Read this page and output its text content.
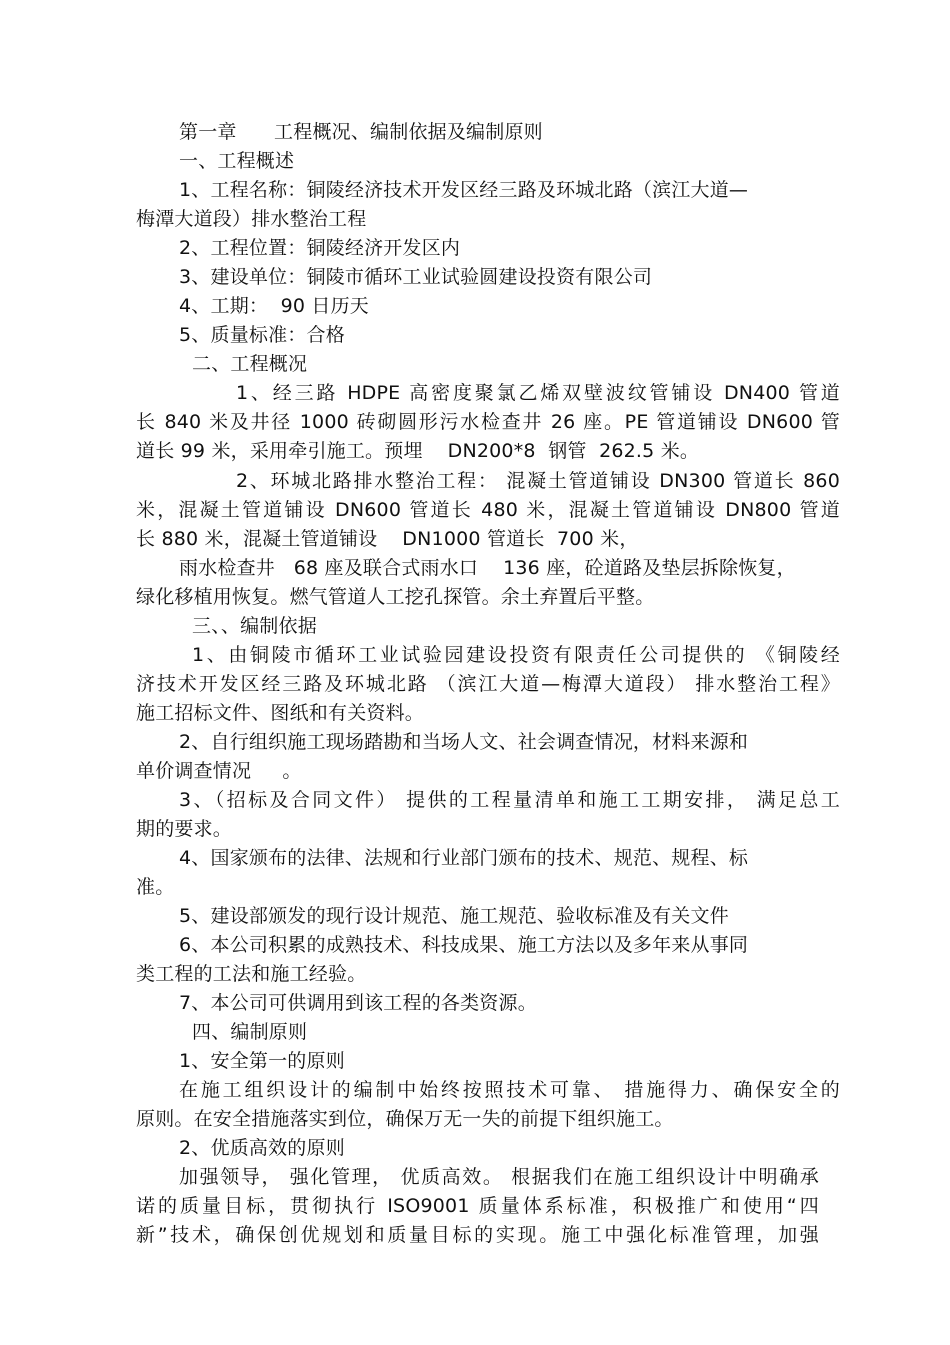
第一章      工程概况、编制依据及编制原则

一、工程概述

1、工程名称：铜陵经济技术开发区经三路及环城北路（滨江大道—

梅潭大道段）排水整治工程

2、工程位置：铜陵经济开发区内

3、建设单位：铜陵市循环工业试验圆建设投资有限公司

4、工期：  90 日历天

5、质量标准：合格

二、工程概况

1、经三路 HDPE 高密度聚氯乙烯双壁波纹管铺设 DN400 管道

长 840 米及井径 1000 砖砌圆形污水检查井 26 座。PE 管道铺设 DN600 管

道长 99 米，采用牵引施工。预埋    DN200*8  钢管  262.5 米。

2、环城北路排水整治工程： 混凝土管道铺设 DN300 管道长 860

米，混凝土管道铺设 DN600 管道长 480 米，混凝土管道铺设 DN800 管道

长 880 米，混凝土管道铺设    DN1000 管道长  700 米，

雨水检查井   68 座及联合式雨水口    136 座，砼道路及垫层拆除恢复，

绿化移植用恢复。燃气管道人工挖孔探管。余土弃置后平整。

三、、编制依据

1、由铜陵市循环工业试验园建设投资有限责任公司提供的 《铜陵经

济技术开发区经三路及环城北路 （滨江大道—梅潭大道段） 排水整治工程》

施工招标文件、图纸和有关资料。

2、自行组织施工现场踏勘和当场人文、社会调查情况，材料来源和

单价调查情况     。

3、（招标及合同文件） 提供的工程量清单和施工工期安排， 满足总工

期的要求。

4、国家颁布的法律、法规和行业部门颁布的技术、规范、规程、标

准。

5、建设部颁发的现行设计规范、施工规范、验收标准及有关文件

6、本公司积累的成熟技术、科技成果、施工方法以及多年来从事同

类工程的工法和施工经验。

7、本公司可供调用到该工程的各类资源。

四、编制原则

1、安全第一的原则

在施工组织设计的编制中始终按照技术可靠、 措施得力、确保安全的

原则。在安全措施落实到位，确保万无一失的前提下组织施工。

2、优质高效的原则

加强领导， 强化管理， 优质高效。 根据我们在施工组织设计中明确承

诺的质量目标，贯彻执行 ISO9001 质量体系标准，积极推广和使用“四

新”技术，确保创优规划和质量目标的实现。施工中强化标准管理，加强
